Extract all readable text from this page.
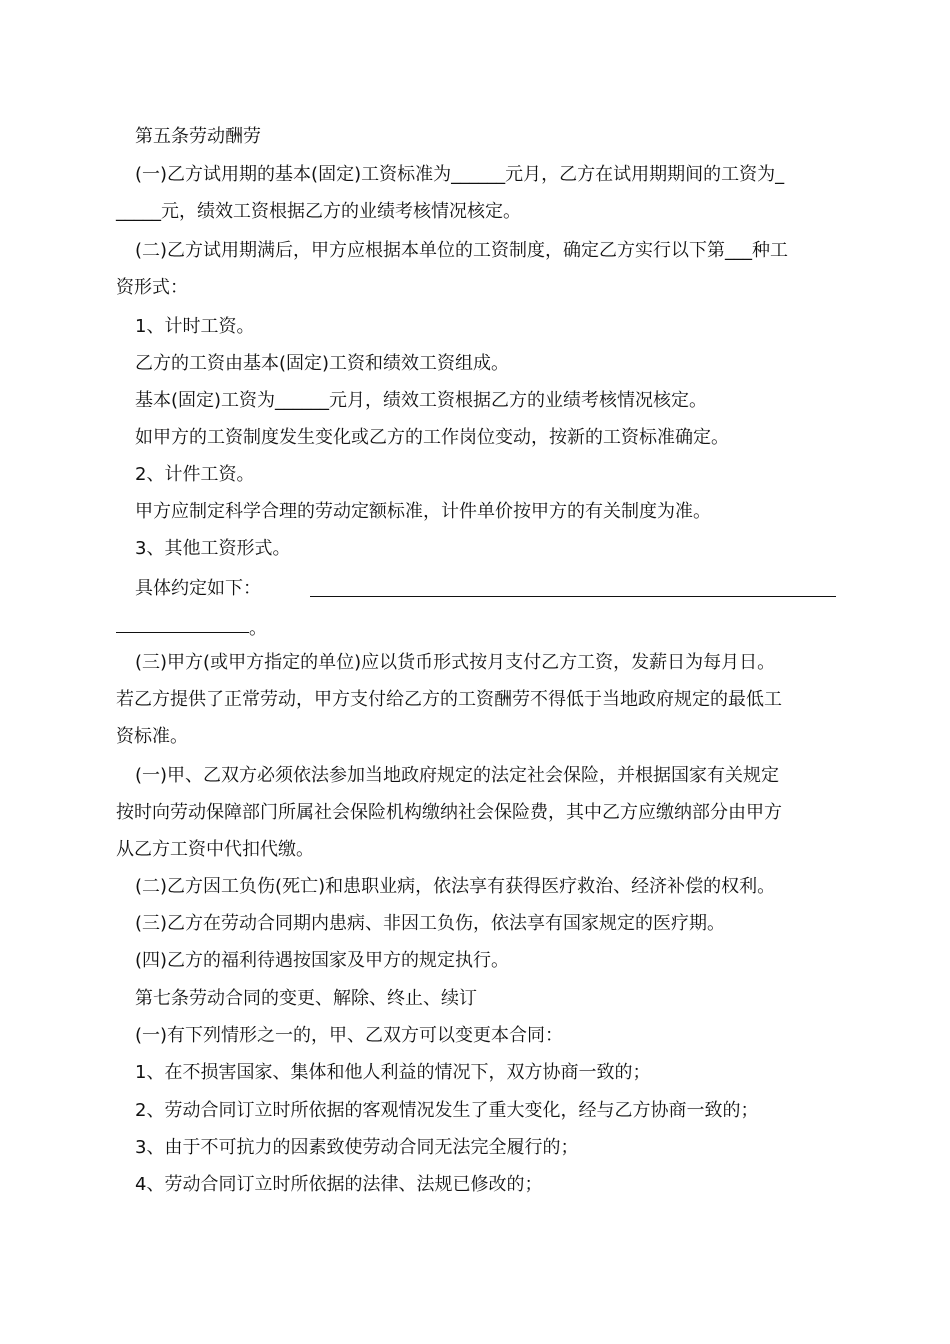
第五条劳动酬劳
(一)乙方试用期的基本(固定)工资标准为______元月，乙方在试用期期间的工资为_
_____元，绩效工资根据乙方的业绩考核情况核定。
(二)乙方试用期满后，甲方应根据本单位的工资制度，确定乙方实行以下第___种工
资形式：
1、计时工资。
乙方的工资由基本(固定)工资和绩效工资组成。
基本(固定)工资为______元月，绩效工资根据乙方的业绩考核情况核定。
如甲方的工资制度发生变化或乙方的工作岗位变动，按新的工资标准确定。
2、计件工资。
甲方应制定科学合理的劳动定额标准，计件单价按甲方的有关制度为准。
3、其他工资形式。
具体约定如下：
。
(三)甲方(或甲方指定的单位)应以货币形式按月支付乙方工资，发薪日为每月日。
若乙方提供了正常劳动，甲方支付给乙方的工资酬劳不得低于当地政府规定的最低工
资标准。
(一)甲、乙双方必须依法参加当地政府规定的法定社会保险，并根据国家有关规定
按时向劳动保障部门所属社会保险机构缴纳社会保险费，其中乙方应缴纳部分由甲方
从乙方工资中代扣代缴。
(二)乙方因工负伤(死亡)和患职业病，依法享有获得医疗救治、经济补偿的权利。
(三)乙方在劳动合同期内患病、非因工负伤，依法享有国家规定的医疗期。
(四)乙方的福利待遇按国家及甲方的规定执行。
第七条劳动合同的变更、解除、终止、续订
(一)有下列情形之一的，甲、乙双方可以变更本合同：
1、在不损害国家、集体和他人利益的情况下，双方协商一致的；
2、劳动合同订立时所依据的客观情况发生了重大变化，经与乙方协商一致的；
3、由于不可抗力的因素致使劳动合同无法完全履行的；
4、劳动合同订立时所依据的法律、法规已修改的；
